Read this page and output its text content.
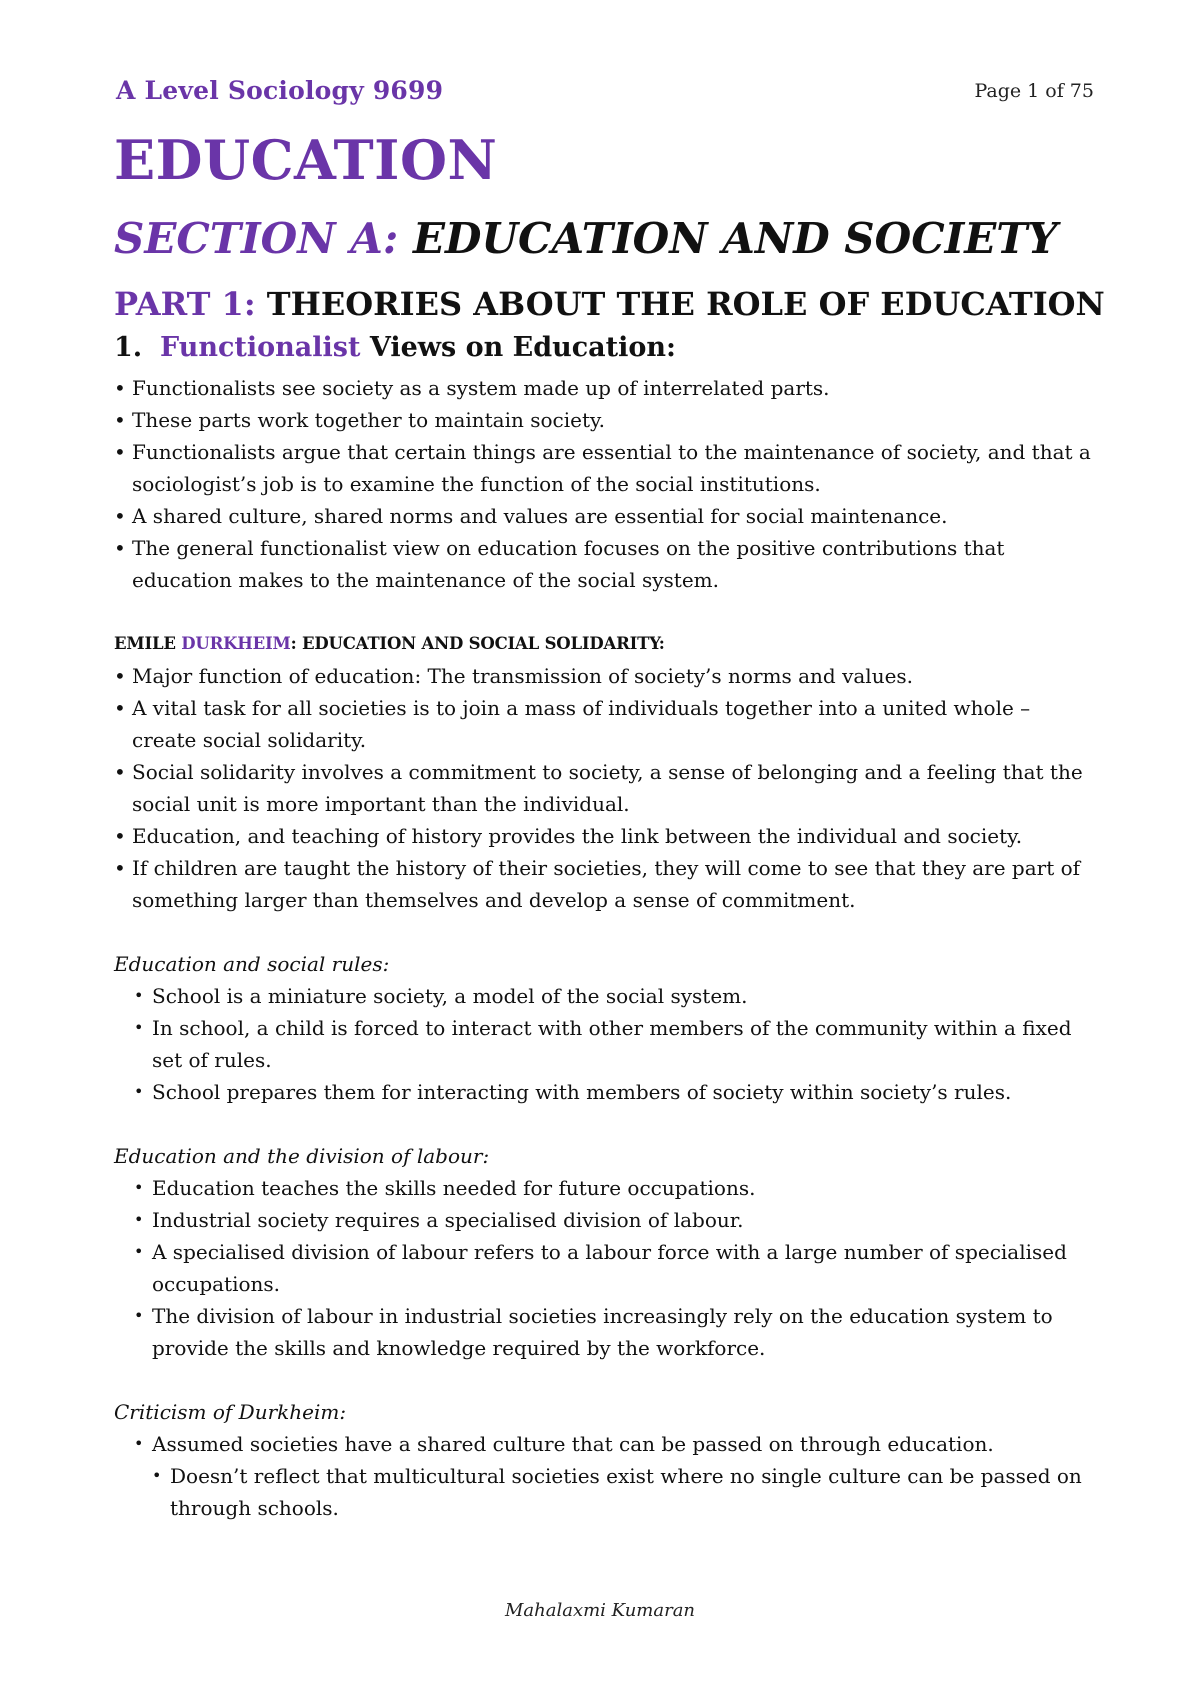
A Level Sociology 9699	Page 1 of 75
EDUCATION
SECTION A: EDUCATION AND SOCIETY
PART 1: THEORIES ABOUT THE ROLE OF EDUCATION
1. Functionalist Views on Education:
• Functionalists see society as a system made up of interrelated parts.
• These parts work together to maintain society.
• Functionalists argue that certain things are essential to the maintenance of society, and that a sociologist’s job is to examine the function of the social institutions.
• A shared culture, shared norms and values are essential for social maintenance.
• The general functionalist view on education focuses on the positive contributions that education makes to the maintenance of the social system.
EMILE DURKHEIM: EDUCATION AND SOCIAL SOLIDARITY:
• Major function of education: The transmission of society’s norms and values.
• A vital task for all societies is to join a mass of individuals together into a united whole – create social solidarity.
• Social solidarity involves a commitment to society, a sense of belonging and a feeling that the social unit is more important than the individual.
• Education, and teaching of history provides the link between the individual and society.
• If children are taught the history of their societies, they will come to see that they are part of something larger than themselves and develop a sense of commitment.
Education and social rules:
• School is a miniature society, a model of the social system.
• In school, a child is forced to interact with other members of the community within a fixed set of rules.
• School prepares them for interacting with members of society within society’s rules.
Education and the division of labour:
• Education teaches the skills needed for future occupations.
• Industrial society requires a specialised division of labour.
• A specialised division of labour refers to a labour force with a large number of specialised occupations.
• The division of labour in industrial societies increasingly rely on the education system to provide the skills and knowledge required by the workforce.
Criticism of Durkheim:
• Assumed societies have a shared culture that can be passed on through education.
• Doesn’t reflect that multicultural societies exist where no single culture can be passed on through schools.
Mahalaxmi Kumaran
